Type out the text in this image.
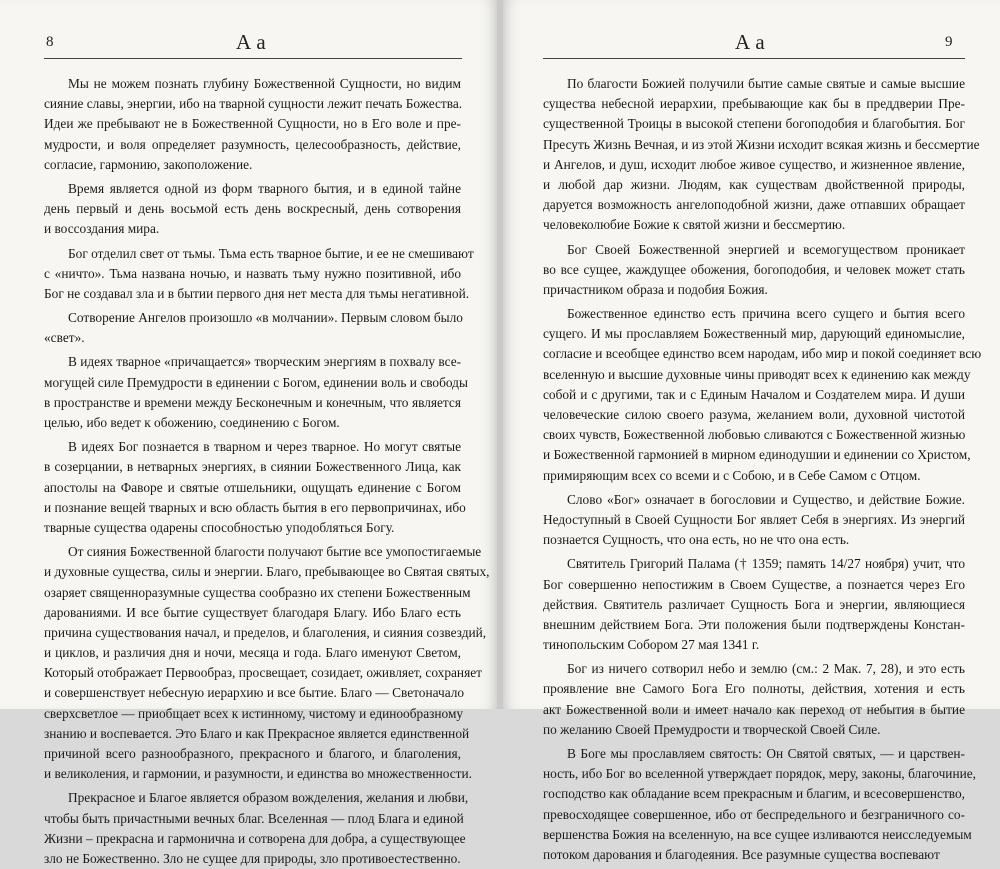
8	А а
Мы не можем познать глубину Божественной Сущности, но видим
сияние славы, энергии, ибо на тварной сущности лежит печать Божества.
Идеи же пребывают не в Божественной Сущности, но в Его воле и пре-
мудрости, и воля определяет разумность, целесообразность, действие,
согласие, гармонию, закоположение.
Время является одной из форм тварного бытия, и в единой тайне
день первый и день восьмой есть день воскресный, день сотворения
и воссоздания мира.
Бог отделил свет от тьмы. Тьма есть тварное бытие, и ее не смешивают
с «ничто». Тьма названа ночью, и назвать тьму нужно позитивной, ибо
Бог не создавал зла и в бытии первого дня нет места для тьмы негативной.
Сотворение Ангелов произошло «в молчании». Первым словом было
«свет».
В идеях тварное «причащается» творческим энергиям в похвалу все-
могущей силе Премудрости в единении с Богом, единении воль и свободы
в пространстве и времени между Бесконечным и конечным, что является
целью, ибо ведет к обожению, соединению с Богом.
В идеях Бог познается в тварном и через тварное. Но могут святые
в созерцании, в нетварных энергиях, в сиянии Божественного Лица, как
апостолы на Фаворе и святые отшельники, ощущать единение с Богом
и познание вещей тварных и всю область бытия в его первопричинах, ибо
тварные существа одарены способностью уподобляться Богу.
От сияния Божественной благости получают бытие все умопостигаемые
и духовные существа, силы и энергии. Благо, пребывающее во Святая святых,
озаряет священноразумные существа сообразно их степени Божественным
дарованиями. И все бытие существует благодаря Благу. Ибо Благо есть
причина существования начал, и пределов, и благоления, и сияния созвездий,
и циклов, и различия дня и ночи, месяца и года. Благо именуют Светом,
Который отображает Первообраз, просвещает, созидает, оживляет, сохраняет
и совершенствует небесную иерархию и все бытие. Благо — Светоначало
сверхсветлое — приобщает всех к истинному, чистому и единообразному
знанию и воспевается. Это Благо и как Прекрасное является единственной
причиной всего разнообразного, прекрасного и благого, и благоления,
и великоления, и гармонии, и разумности, и единства во множественности.
Прекрасное и Благое является образом вожделения, желания и любви,
чтобы быть причастными вечных благ. Вселенная — плод Блага и единой
Жизни – прекрасна и гармонична и сотворена для добра, а существующее
зло не Божественно. Зло не сущее для природы, зло противоестественно.
А а	9
По благости Божией получили бытие самые святые и самые высшие
существа небесной иерархии, пребывающие как бы в преддверии Пре-
существенной Троицы в высокой степени богоподобия и благобытия. Бог
Пресуть Жизнь Вечная, и из этой Жизни исходит всякая жизнь и бессмертие
и Ангелов, и душ, исходит любое живое существо, и жизненное явление,
и любой дар жизни. Людям, как существам двойственной природы,
даруется возможность ангелоподобной жизни, даже отпавших обращает
человеколюбие Божие к святой жизни и бессмертию.
Бог Своей Божественной энергией и всемогуществом проникает
во все сущее, жаждущее обожения, богоподобия, и человек может стать
причастником образа и подобия Божия.
Божественное единство есть причина всего сущего и бытия всего
сущего. И мы прославляем Божественный мир, дарующий единомыслие,
согласие и всеобщее единство всем народам, ибо мир и покой соединяет всю
вселенную и высшие духовные чины приводят всех к единению как между
собой и с другими, так и с Единым Началом и Создателем мира. И души
человеческие силою своего разума, желанием воли, духовной чистотой
своих чувств, Божественной любовью сливаются с Божественной жизнью
и Божественной гармонией в мирном единодушии и единении со Христом,
примиряющим всех со всеми и с Собою, и в Себе Самом с Отцом.
Слово «Бог» означает в богословии и Существо, и действие Божие.
Недоступный в Своей Сущности Бог являет Себя в энергиях. Из энергий
познается Сущность, что она есть, но не что она есть.
Святитель Григорий Палама († 1359; память 14/27 ноября) учит, что
Бог совершенно непостижим в Своем Существе, а познается через Его
действия. Святитель различает Сущность Бога и энергии, являющиеся
внешним действием Бога. Эти положения были подтверждены Констан-
тинопольским Собором 27 мая 1341 г.
Бог из ничего сотворил небо и землю (см.: 2 Мак. 7, 28), и это есть
проявление вне Самого Бога Его полноты, действия, хотения и есть
акт Божественной воли и имеет начало как переход от небытия в бытие
по желанию Своей Премудрости и творческой Своей Силе.
В Боге мы прославляем святость: Он Святой святых, — и царствен-
ность, ибо Бог во вселенной утверждает порядок, меру, законы, благочиние,
господство как обладание всем прекрасным и благим, и всесовершенство,
превосходящее совершенное, ибо от беспредельного и безграничного со-
вершенства Божия на вселенную, на все сущее изливаются неисследуемым
потоком дарования и благодеяния. Все разумные существа воспевают
